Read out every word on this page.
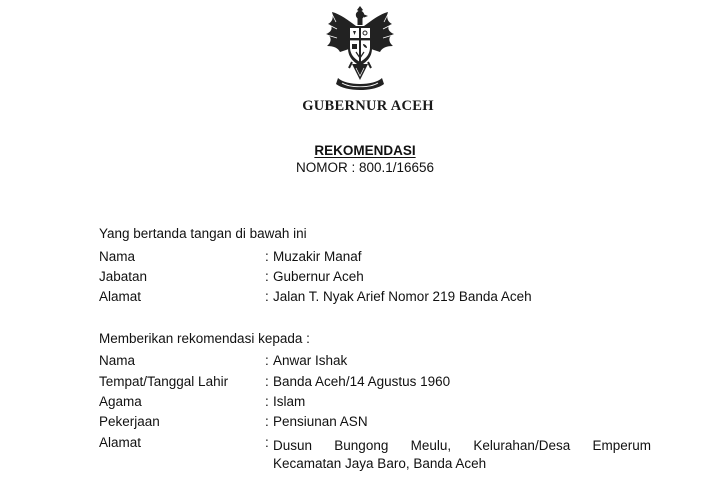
GUBERNUR ACEH
REKOMENDASI
NOMOR : 800.1/16656
Yang bertanda tangan di bawah ini
Nama	: Muzakir Manaf
Jabatan	: Gubernur Aceh
Alamat	: Jalan T. Nyak Arief Nomor 219 Banda Aceh
Memberikan rekomendasi kepada :
Nama	: Anwar Ishak
Tempat/Tanggal Lahir	: Banda Aceh/14 Agustus 1960
Agama	: Islam
Pekerjaan	: Pensiunan ASN
Alamat	: Dusun Bungong Meulu, Kelurahan/Desa Emperum
Kecamatan Jaya Baro, Banda Aceh
